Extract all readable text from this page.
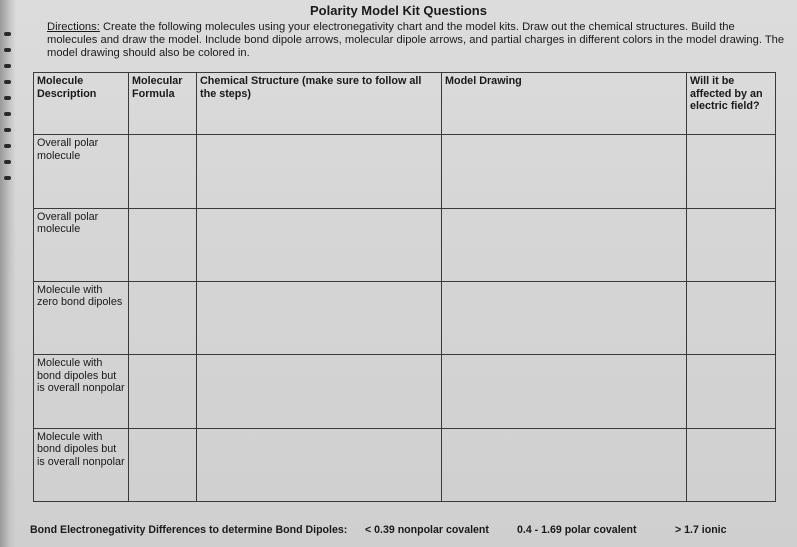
Polarity Model Kit Questions
Directions: Create the following molecules using your electronegativity chart and the model kits. Draw out the chemical structures. Build the molecules and draw the model. Include bond dipole arrows, molecular dipole arrows, and partial charges in different colors in the model drawing. The model drawing should also be colored in.
Molecule Description	Molecular Formula	Chemical Structure (make sure to follow all the steps)	Model Drawing	Will it be affected by an electric field?
Overall polar molecule				
Overall polar molecule				
Molecule with zero bond dipoles				
Molecule with bond dipoles but is overall nonpolar				
Molecule with bond dipoles but is overall nonpolar				
Bond Electronegativity Differences to determine Bond Dipoles: < 0.39 nonpolar covalent	0.4 - 1.69 polar covalent	> 1.7 ionic
